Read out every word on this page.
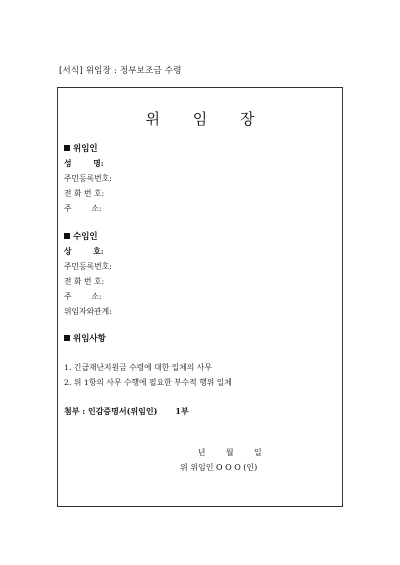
[서식] 위임장 : 정부보조금 수령
위 임 장
위임인
성        명:
주민등록번호:
전 화 번 호:
주        소:
수임인
상        호:
주민등록번호:
전 화 번 호:
주        소:
위임자와관계:
위임사항
1. 긴급재난지원금 수령에 대한 일체의 사무
2. 위 1항의 사무 수행에 필요한 부수적 행위 일체
첨부 : 인감증명서(위임인) 1부
년        월        일
위 위임인 O O O (인)
